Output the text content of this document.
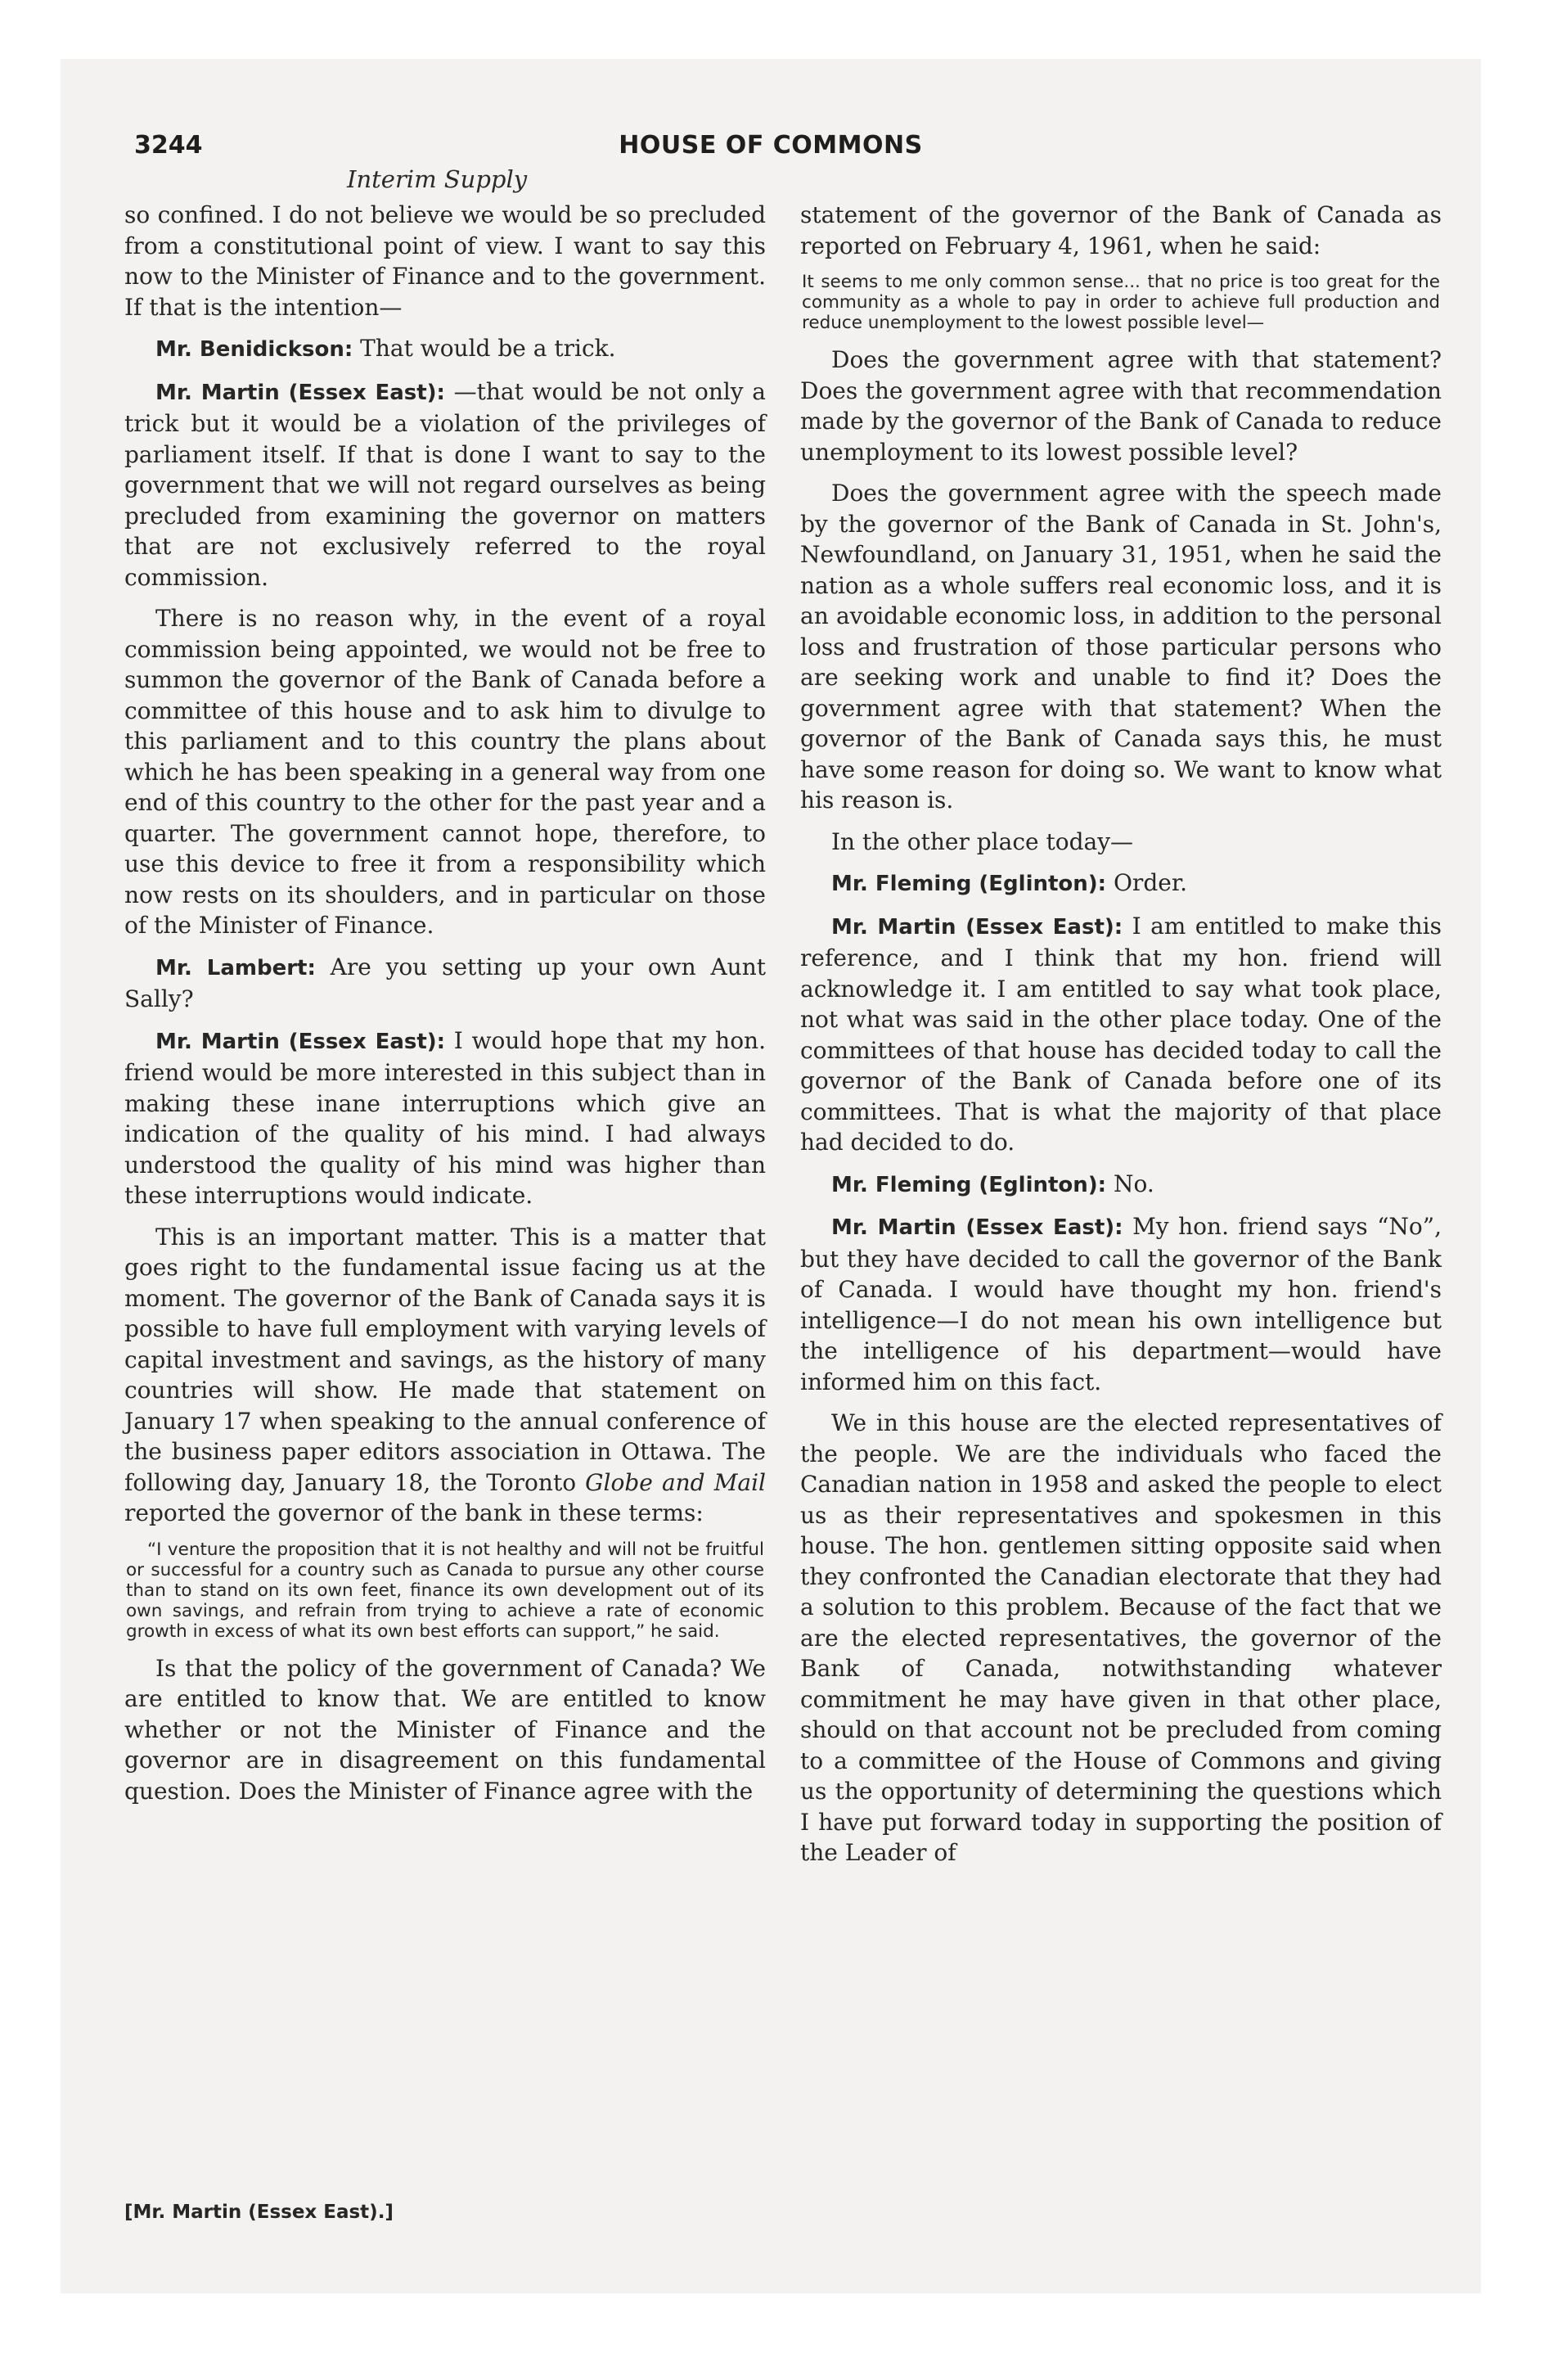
3244	HOUSE OF COMMONS
Interim Supply

so confined. I do not believe we would be so precluded from a constitutional point of view. I want to say this now to the Minister of Finance and to the government. If that is the intention—

Mr. Benidickson: That would be a trick.

Mr. Martin (Essex East): —that would be not only a trick but it would be a violation of the privileges of parliament itself. If that is done I want to say to the government that we will not regard ourselves as being precluded from examining the governor on matters that are not exclusively referred to the royal commission.

There is no reason why, in the event of a royal commission being appointed, we would not be free to summon the governor of the Bank of Canada before a committee of this house and to ask him to divulge to this parliament and to this country the plans about which he has been speaking in a general way from one end of this country to the other for the past year and a quarter. The government cannot hope, therefore, to use this device to free it from a responsibility which now rests on its shoulders, and in particular on those of the Minister of Finance.

Mr. Lambert: Are you setting up your own Aunt Sally?

Mr. Martin (Essex East): I would hope that my hon. friend would be more interested in this subject than in making these inane interruptions which give an indication of the quality of his mind. I had always understood the quality of his mind was higher than these interruptions would indicate.

This is an important matter. This is a matter that goes right to the fundamental issue facing us at the moment. The governor of the Bank of Canada says it is possible to have full employment with varying levels of capital investment and savings, as the history of many countries will show. He made that statement on January 17 when speaking to the annual conference of the business paper editors association in Ottawa. The following day, January 18, the Toronto Globe and Mail reported the governor of the bank in these terms:

“I venture the proposition that it is not healthy and will not be fruitful or successful for a country such as Canada to pursue any other course than to stand on its own feet, finance its own development out of its own savings, and refrain from trying to achieve a rate of economic growth in excess of what its own best efforts can support,” he said.

Is that the policy of the government of Canada? We are entitled to know that. We are entitled to know whether or not the Minister of Finance and the governor are in disagreement on this fundamental question. Does the Minister of Finance agree with the

statement of the governor of the Bank of Canada as reported on February 4, 1961, when he said:

It seems to me only common sense... that no price is too great for the community as a whole to pay in order to achieve full production and reduce unemployment to the lowest possible level—

Does the government agree with that statement? Does the government agree with that recommendation made by the governor of the Bank of Canada to reduce unemployment to its lowest possible level?

Does the government agree with the speech made by the governor of the Bank of Canada in St. John's, Newfoundland, on January 31, 1951, when he said the nation as a whole suffers real economic loss, and it is an avoidable economic loss, in addition to the personal loss and frustration of those particular persons who are seeking work and unable to find it? Does the government agree with that statement? When the governor of the Bank of Canada says this, he must have some reason for doing so. We want to know what his reason is.

In the other place today—

Mr. Fleming (Eglinton): Order.

Mr. Martin (Essex East): I am entitled to make this reference, and I think that my hon. friend will acknowledge it. I am entitled to say what took place, not what was said in the other place today. One of the committees of that house has decided today to call the governor of the Bank of Canada before one of its committees. That is what the majority of that place had decided to do.

Mr. Fleming (Eglinton): No.

Mr. Martin (Essex East): My hon. friend says “No”, but they have decided to call the governor of the Bank of Canada. I would have thought my hon. friend's intelligence—I do not mean his own intelligence but the intelligence of his department—would have informed him on this fact.

We in this house are the elected representatives of the people. We are the individuals who faced the Canadian nation in 1958 and asked the people to elect us as their representatives and spokesmen in this house. The hon. gentlemen sitting opposite said when they confronted the Canadian electorate that they had a solution to this problem. Because of the fact that we are the elected representatives, the governor of the Bank of Canada, notwithstanding whatever commitment he may have given in that other place, should on that account not be precluded from coming to a committee of the House of Commons and giving us the opportunity of determining the questions which I have put forward today in supporting the position of the Leader of

[Mr. Martin (Essex East).]
